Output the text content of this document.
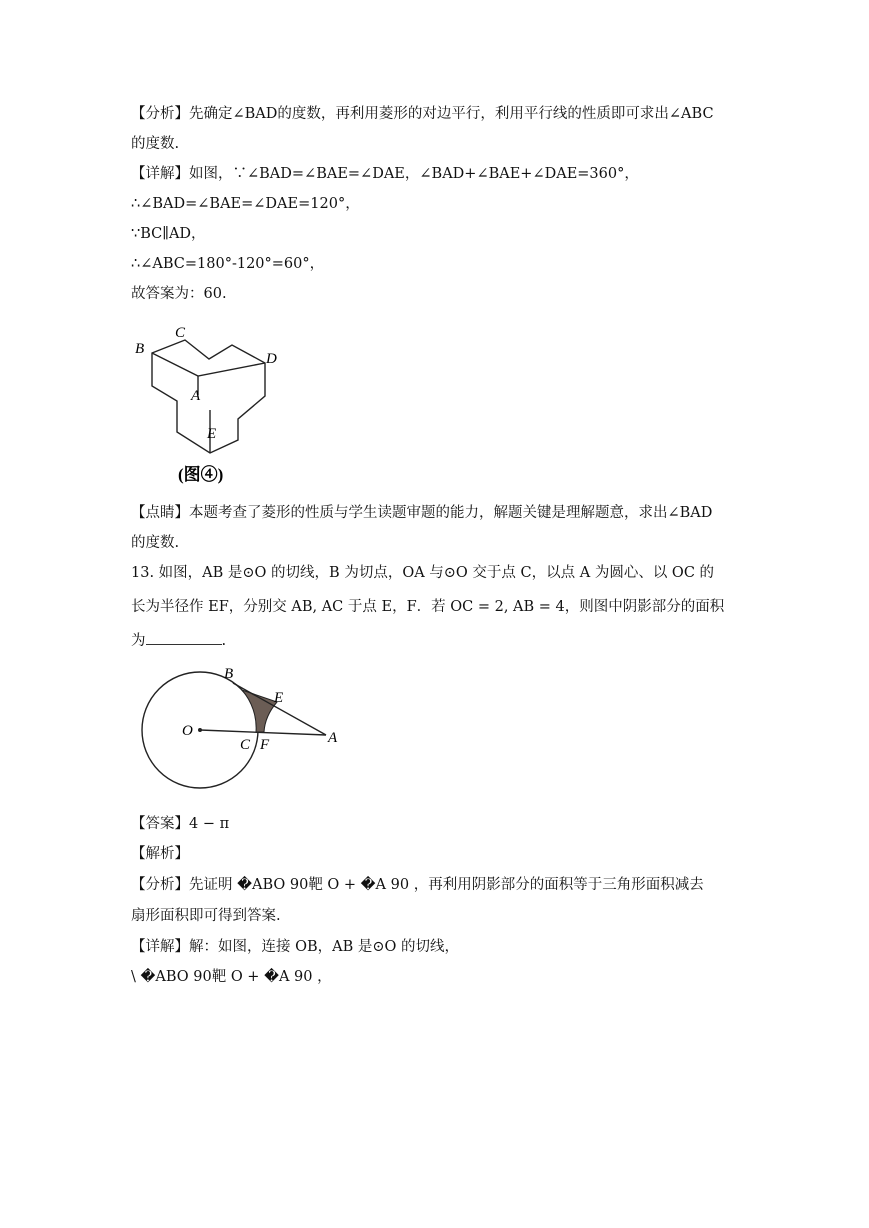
【分析】先确定∠BAD的度数，再利用菱形的对边平行，利用平行线的性质即可求出∠ABC
的度数.
【详解】如图，∵∠BAD=∠BAE=∠DAE，∠BAD+∠BAE+∠DAE=360°，
∴∠BAD=∠BAE=∠DAE=120°，
∵BC∥AD，
∴∠ABC=180°-120°=60°，
故答案为：60.
B
C
D
A
E
(图④)
【点睛】本题考查了菱形的性质与学生读题审题的能力，解题关键是理解题意，求出∠BAD
的度数.
13. 如图，AB 是⊙O 的切线，B 为切点，OA 与⊙O 交于点 C，以点 A 为圆心、以 OC 的
长为半径作 EF，分别交 AB, AC 于点 E，F．若 OC = 2, AB = 4，则图中阴影部分的面积
为	.
B
E
O
C F	A
【答案】4 − π
【解析】
【分析】先证明 �ABO 90靶 O + �A 90 ，再利用阴影部分的面积等于三角形面积减去
扇形面积即可得到答案.
【详解】解：如图，连接 OB，AB 是⊙O 的切线，
\ �ABO 90靶 O + �A 90 ，
